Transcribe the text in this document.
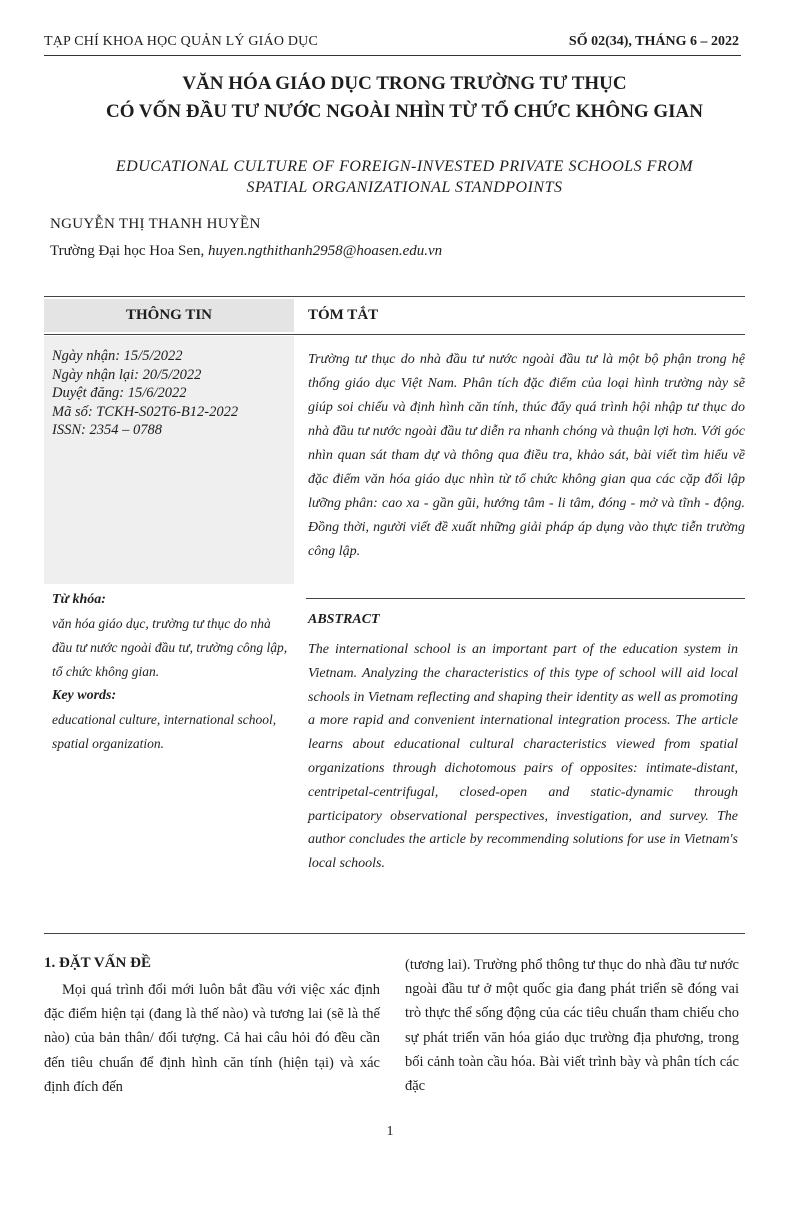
TẠP CHÍ KHOA HỌC QUẢN LÝ GIÁO DỤC	SỐ 02(34), THÁNG 6 – 2022
VĂN HÓA GIÁO DỤC TRONG TRƯỜNG TƯ THỤC
CÓ VỐN ĐẦU TƯ NƯỚC NGOÀI NHÌN TỪ TỔ CHỨC KHÔNG GIAN
EDUCATIONAL CULTURE OF FOREIGN-INVESTED PRIVATE SCHOOLS FROM
SPATIAL ORGANIZATIONAL STANDPOINTS
NGUYỄN THỊ THANH HUYỀN
Trường Đại học Hoa Sen, huyen.ngthithanh2958@hoasen.edu.vn
THÔNG TIN	TÓM TẮT
Ngày nhận: 15/5/2022
Ngày nhận lại: 20/5/2022
Duyệt đăng: 15/6/2022
Mã số: TCKH-S02T6-B12-2022
ISSN: 2354 – 0788
Từ khóa:
văn hóa giáo dục, trường tư thục do nhà đầu tư nước ngoài đầu tư, trường công lập, tổ chức không gian.
Key words:
educational culture, international school, spatial organization.
Trường tư thục do nhà đầu tư nước ngoài đầu tư là một bộ phận trong hệ thống giáo dục Việt Nam. Phân tích đặc điểm của loại hình trường này sẽ giúp soi chiếu và định hình căn tính, thúc đẩy quá trình hội nhập tư thục do nhà đầu tư nước ngoài đầu tư diễn ra nhanh chóng và thuận lợi hơn. Với góc nhìn quan sát tham dự và thông qua điều tra, khảo sát, bài viết tìm hiểu về đặc điểm văn hóa giáo dục nhìn từ tổ chức không gian qua các cặp đối lập lưỡng phân: cao xa - gần gũi, hướng tâm - li tâm, đóng - mở và tĩnh - động. Đồng thời, người viết đề xuất những giải pháp áp dụng vào thực tiễn trường công lập.
ABSTRACT
The international school is an important part of the education system in Vietnam. Analyzing the characteristics of this type of school will aid local schools in Vietnam reflecting and shaping their identity as well as promoting a more rapid and convenient international integration process. The article learns about educational cultural characteristics viewed from spatial organizations through dichotomous pairs of opposites: intimate-distant, centripetal-centrifugal, closed-open and static-dynamic through participatory observational perspectives, investigation, and survey. The author concludes the article by recommending solutions for use in Vietnam's local schools.
1. ĐẶT VẤN ĐỀ
Mọi quá trình đổi mới luôn bắt đầu với việc xác định đặc điểm hiện tại (đang là thế nào) và tương lai (sẽ là thế nào) của bản thân/ đối tượng. Cả hai câu hỏi đó đều cần đến tiêu chuẩn để định hình căn tính (hiện tại) và xác định đích đến
(tương lai). Trường phổ thông tư thục do nhà đầu tư nước ngoài đầu tư ở một quốc gia đang phát triển sẽ đóng vai trò thực thể sống động của các tiêu chuẩn tham chiếu cho sự phát triển văn hóa giáo dục trường địa phương, trong bối cảnh toàn cầu hóa. Bài viết trình bày và phân tích các đặc
1
